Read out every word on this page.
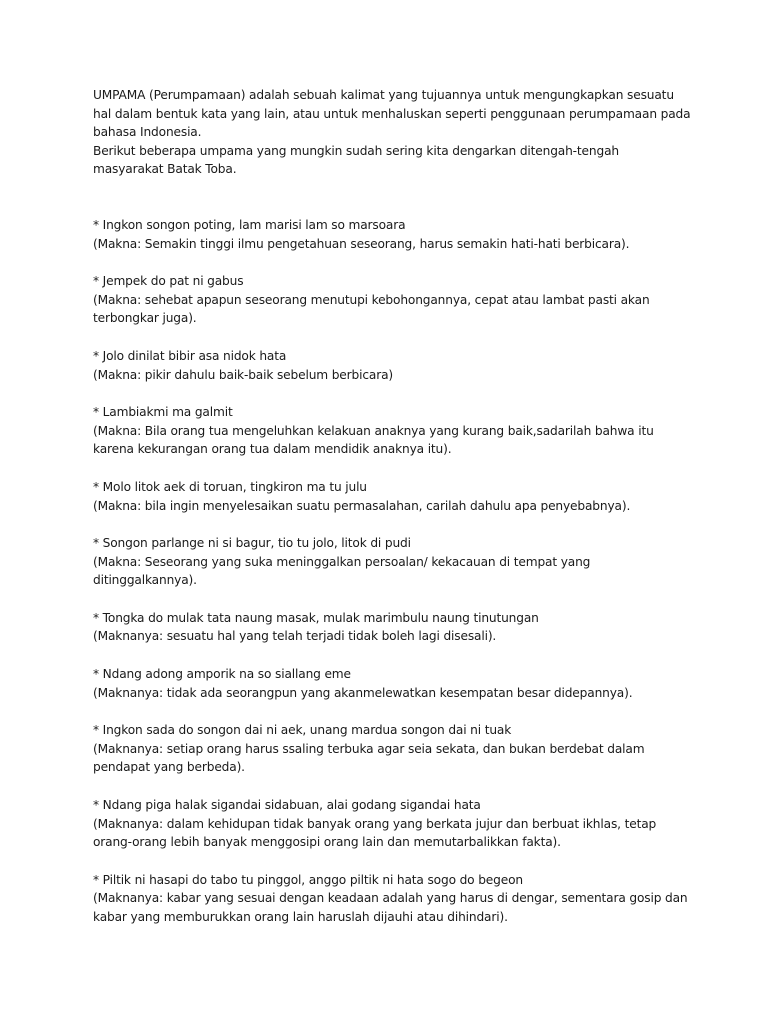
UMPAMA (Perumpamaan) adalah sebuah kalimat yang tujuannya untuk mengungkapkan sesuatu hal dalam bentuk kata yang lain, atau untuk menhaluskan seperti penggunaan perumpamaan pada bahasa Indonesia.

Berikut beberapa umpama yang mungkin sudah sering kita dengarkan ditengah-tengah masyarakat Batak Toba.

* Ingkon songon poting, lam marisi lam so marsoara
(Makna: Semakin tinggi ilmu pengetahuan seseorang, harus semakin hati-hati berbicara).
* Jempek do pat ni gabus
(Makna: sehebat apapun seseorang menutupi kebohongannya, cepat atau lambat pasti akan terbongkar juga).
* Jolo dinilat bibir asa nidok hata
(Makna: pikir dahulu baik-baik sebelum berbicara)
* Lambiakmi ma galmit
(Makna: Bila orang tua mengeluhkan kelakuan anaknya yang kurang baik,sadarilah bahwa itu karena kekurangan orang tua dalam mendidik anaknya itu).
* Molo litok aek di toruan, tingkiron ma tu julu
(Makna: bila ingin menyelesaikan suatu permasalahan, carilah dahulu apa penyebabnya).
* Songon parlange ni si bagur, tio tu jolo, litok di pudi
(Makna: Seseorang yang suka meninggalkan persoalan/ kekacauan di tempat yang ditinggalkannya).
* Tongka do mulak tata naung masak, mulak marimbulu naung tinutungan
(Maknanya: sesuatu hal yang telah terjadi tidak boleh lagi disesali).
* Ndang adong amporik na so siallang eme
(Maknanya: tidak ada seorangpun yang akanmelewatkan kesempatan besar didepannya).
* Ingkon sada do songon dai ni aek, unang mardua songon dai ni tuak
(Maknanya: setiap orang harus ssaling terbuka agar seia sekata, dan bukan berdebat dalam pendapat yang berbeda).
* Ndang piga halak sigandai sidabuan, alai godang sigandai hata
(Maknanya: dalam kehidupan tidak banyak orang yang berkata jujur dan berbuat ikhlas, tetap orang-orang lebih banyak menggosipi orang lain dan memutarbalikkan fakta).
* Piltik ni hasapi do tabo tu pinggol, anggo piltik ni hata sogo do begeon
(Maknanya: kabar yang sesuai dengan keadaan adalah yang harus di dengar, sementara gosip dan kabar yang memburukkan orang lain haruslah dijauhi atau dihindari).
